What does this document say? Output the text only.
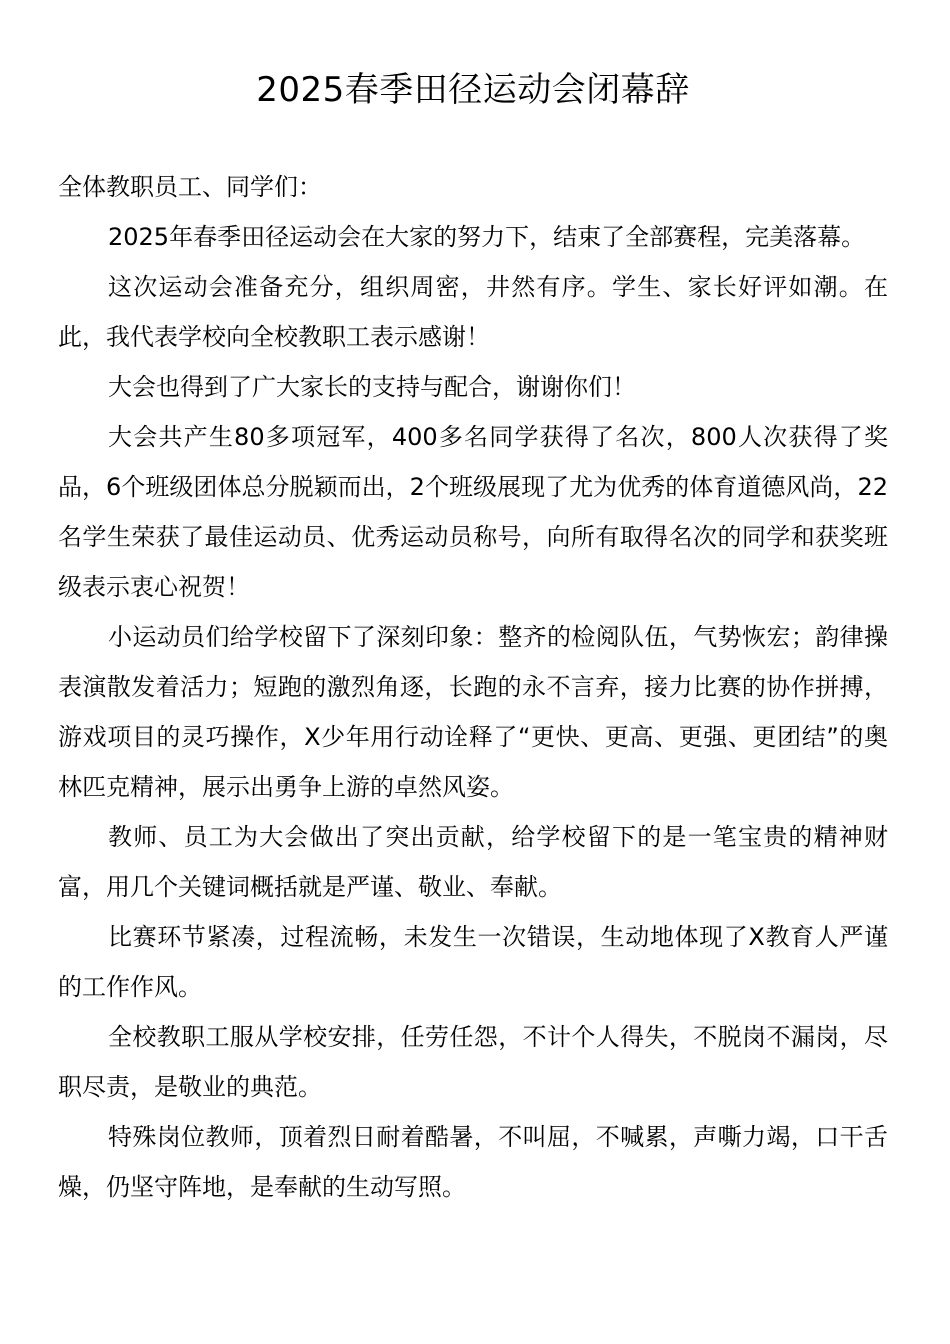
2025春季田径运动会闭幕辞

全体教职员工、同学们：

2025年春季田径运动会在大家的努力下，结束了全部赛程，完美落幕。

这次运动会准备充分，组织周密，井然有序。学生、家长好评如潮。在此，我代表学校向全校教职工表示感谢！

大会也得到了广大家长的支持与配合，谢谢你们！

大会共产生80多项冠军，400多名同学获得了名次，800人次获得了奖品，6个班级团体总分脱颖而出，2个班级展现了尤为优秀的体育道德风尚，22名学生荣获了最佳运动员、优秀运动员称号，向所有取得名次的同学和获奖班级表示衷心祝贺！

小运动员们给学校留下了深刻印象：整齐的检阅队伍，气势恢宏；韵律操表演散发着活力；短跑的激烈角逐，长跑的永不言弃，接力比赛的协作拼搏，游戏项目的灵巧操作，X少年用行动诠释了“更快、更高、更强、更团结”的奥林匹克精神，展示出勇争上游的卓然风姿。

教师、员工为大会做出了突出贡献，给学校留下的是一笔宝贵的精神财富，用几个关键词概括就是严谨、敬业、奉献。

比赛环节紧凑，过程流畅，未发生一次错误，生动地体现了X教育人严谨的工作作风。

全校教职工服从学校安排，任劳任怨，不计个人得失，不脱岗不漏岗，尽职尽责，是敬业的典范。

特殊岗位教师，顶着烈日耐着酷暑，不叫屈，不喊累，声嘶力竭，口干舌燥，仍坚守阵地，是奉献的生动写照。
